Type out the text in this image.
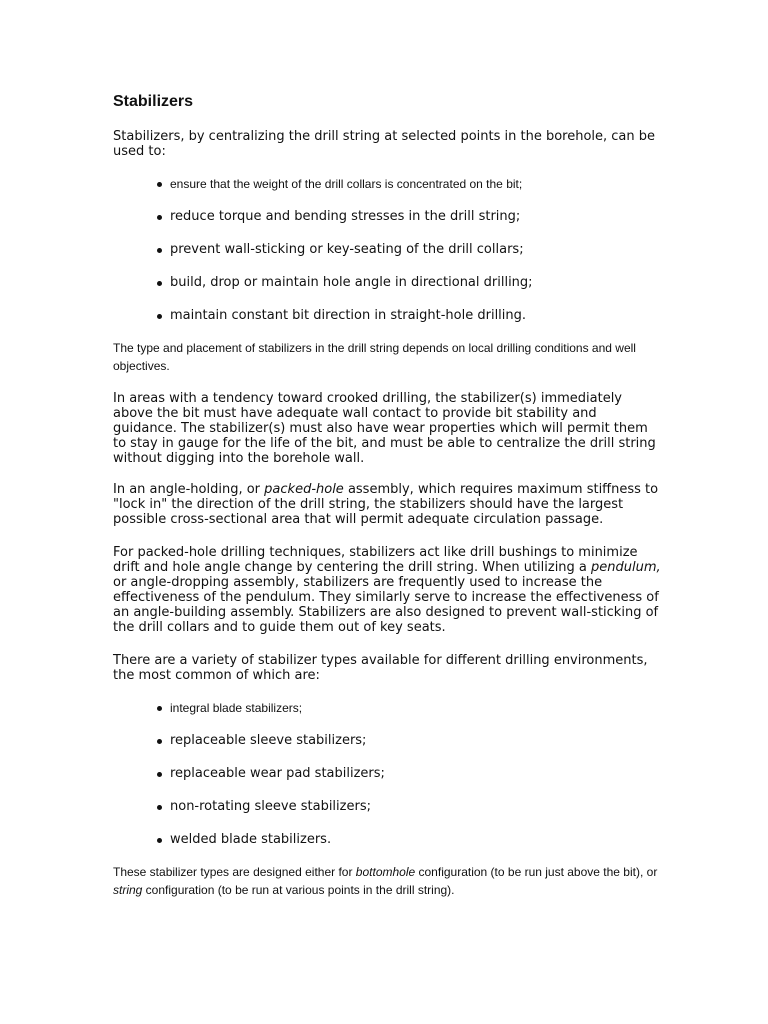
Stabilizers

Stabilizers, by centralizing the drill string at selected points in the borehole, can be used to:

ensure that the weight of the drill collars is concentrated on the bit;
reduce torque and bending stresses in the drill string;
prevent wall-sticking or key-seating of the drill collars;
build, drop or maintain hole angle in directional drilling;
maintain constant bit direction in straight-hole drilling.

The type and placement of stabilizers in the drill string depends on local drilling conditions and well objectives.

In areas with a tendency toward crooked drilling, the stabilizer(s) immediately above the bit must have adequate wall contact to provide bit stability and guidance. The stabilizer(s) must also have wear properties which will permit them to stay in gauge for the life of the bit, and must be able to centralize the drill string without digging into the borehole wall.

In an angle-holding, or packed-hole assembly, which requires maximum stiffness to "lock in" the direction of the drill string, the stabilizers should have the largest possible cross-sectional area that will permit adequate circulation passage.

For packed-hole drilling techniques, stabilizers act like drill bushings to minimize drift and hole angle change by centering the drill string. When utilizing a pendulum, or angle-dropping assembly, stabilizers are frequently used to increase the effectiveness of the pendulum. They similarly serve to increase the effectiveness of an angle-building assembly. Stabilizers are also designed to prevent wall-sticking of the drill collars and to guide them out of key seats.

There are a variety of stabilizer types available for different drilling environments, the most common of which are:

integral blade stabilizers;
replaceable sleeve stabilizers;
replaceable wear pad stabilizers;
non-rotating sleeve stabilizers;
welded blade stabilizers.

These stabilizer types are designed either for bottomhole configuration (to be run just above the bit), or string configuration (to be run at various points in the drill string).
